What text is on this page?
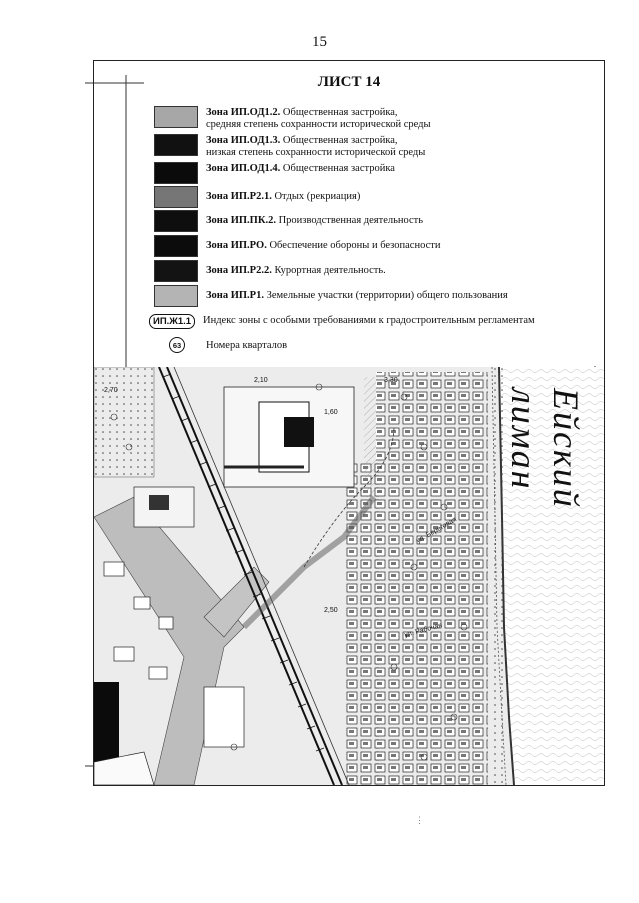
15
ул. Рабочая
ул. Береговая
2,70
2,50
3,30
1,60
2,10
ЛИСТ 14
Зона ИП.ОД1.2. Общественная застройка,
средняя степень сохранности исторической среды
Зона ИП.ОД1.3. Общественная застройка,
низкая степень сохранности исторической среды
Зона ИП.ОД1.4. Общественная застройка
Зона ИП.Р2.1. Отдых (рекриация)
Зона ИП.ПК.2. Производственная деятельность
Зона ИП.РО. Обеспечение обороны и безопасности
Зона ИП.Р2.2. Курортная деятельность.
Зона ИП.Р1. Земельные участки (территории) общего пользования
ИП.Ж1.1	Индекс зоны с особыми требованиями к градостроительным регламентам
63	Номера кварталов
Ейский лиман
⋮
